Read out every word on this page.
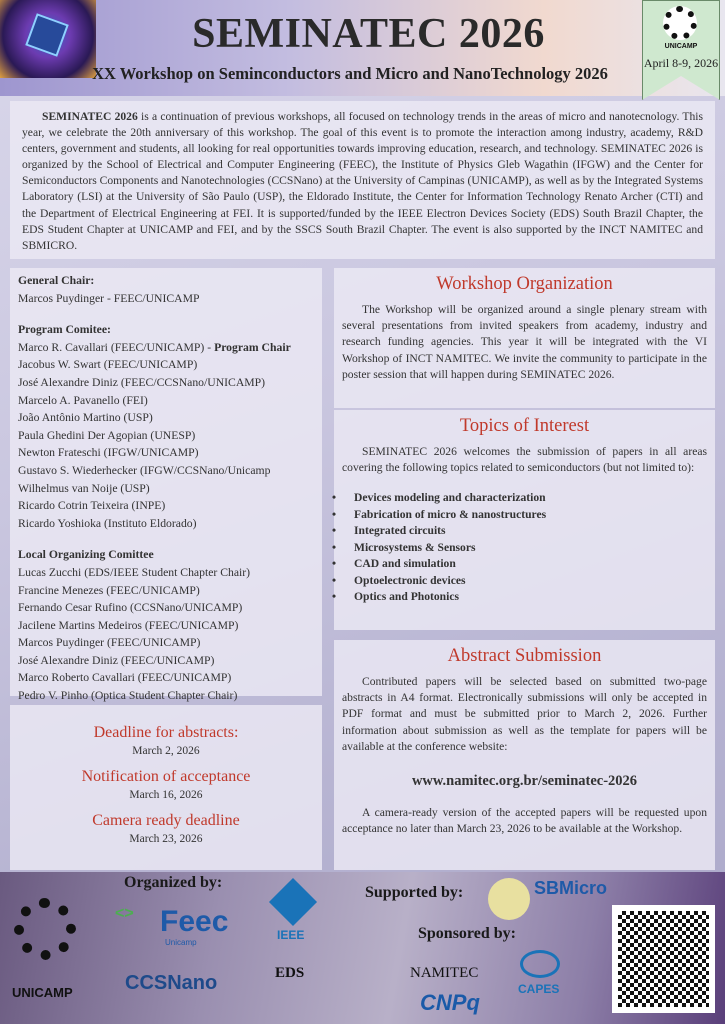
SEMINATEC 2026
XX Workshop on Seminconductors and Micro and NanoTechnology 2026
UNICAMP
April 8-9, 2026
SEMINATEC 2026 is a continuation of previous workshops, all focused on technology trends in the areas of micro and nanotecnology. This year, we celebrate the 20th anniversary of this workshop. The goal of this event is to promote the interaction among industry, academy, R&D centers, government and students, all looking for real opportunities towards improving education, research, and technology. SEMINATEC 2026 is organized by the School of Electrical and Computer Engineering (FEEC), the Institute of Physics Gleb Wagathin (IFGW) and the Center for Semiconductors Components and Nanotechnologies (CCSNano) at the University of Campinas (UNICAMP), as well as by the Integrated Systems Laboratory (LSI) at the University of São Paulo (USP), the Eldorado Institute, the Center for Information Technology Renato Archer (CTI) and the Department of Electrical Engineering at FEI. It is supported/funded by the IEEE Electron Devices Society (EDS) South Brazil Chapter, the EDS Student Chapter at UNICAMP and FEI, and by the SSCS South Brazil Chapter. The event is also supported by the INCT NAMITEC and SBMICRO.
General Chair:
Marcos Puydinger - FEEC/UNICAMP
Program Comitee:
Marco R. Cavallari (FEEC/UNICAMP) - Program Chair
Jacobus W. Swart (FEEC/UNICAMP)
José Alexandre Diniz (FEEC/CCSNano/UNICAMP)
Marcelo A. Pavanello (FEI)
João Antônio Martino (USP)
Paula Ghedini Der Agopian (UNESP)
Newton Frateschi (IFGW/UNICAMP)
Gustavo S. Wiederhecker (IFGW/CCSNano/Unicamp
Wilhelmus van Noije (USP)
Ricardo Cotrin Teixeira (INPE)
Ricardo Yoshioka (Instituto Eldorado)
Local Organizing Comittee
Lucas Zucchi (EDS/IEEE Student Chapter Chair)
Francine Menezes (FEEC/UNICAMP)
Fernando Cesar Rufino (CCSNano/UNICAMP)
Jacilene Martins Medeiros (FEEC/UNICAMP)
Marcos Puydinger (FEEC/UNICAMP)
José Alexandre Diniz (FEEC/UNICAMP)
Marco Roberto Cavallari (FEEC/UNICAMP)
Pedro V. Pinho (Optica Student Chapter Chair)
Deadline for abstracts:
March 2, 2026
Notification of acceptance
March 16, 2026
Camera ready deadline
March 23, 2026
Workshop Organization

The Workshop will be organized around a single plenary stream with several presentations from invited speakers from academy, industry and research funding agencies. This year it will be integrated with the VI Workshop of INCT NAMITEC. We invite the community to participate in the poster session that will happen during SEMINATEC 2026.

Topics of Interest

SEMINATEC 2026 welcomes the submission of papers in all areas covering the following topics related to semiconductors (but not limited to):

• Devices modeling and characterization
• Fabrication of micro & nanostructures
• Integrated circuits
• Microsystems & Sensors
• CAD and simulation
• Optoelectronic devices
• Optics and Photonics
Abstract Submission

Contributed papers will be selected based on submitted two-page abstracts in A4 format. Electronically submissions will only be accepted in PDF format and must be submitted prior to March 2, 2026. Further information about submission as well as the template for papers will be available at the conference website:

www.namitec.org.br/seminatec-2026

A camera-ready version of the accepted papers will be requested upon acceptance no later than March 23, 2026 to be available at the Workshop.

Organized by:
Supported by:
Sponsored by:
UNICAMP
<> Feec
Unicamp
IEEE
CCSNano	EDS
SBMicro
NAMITEC
CAPES
CNPq
